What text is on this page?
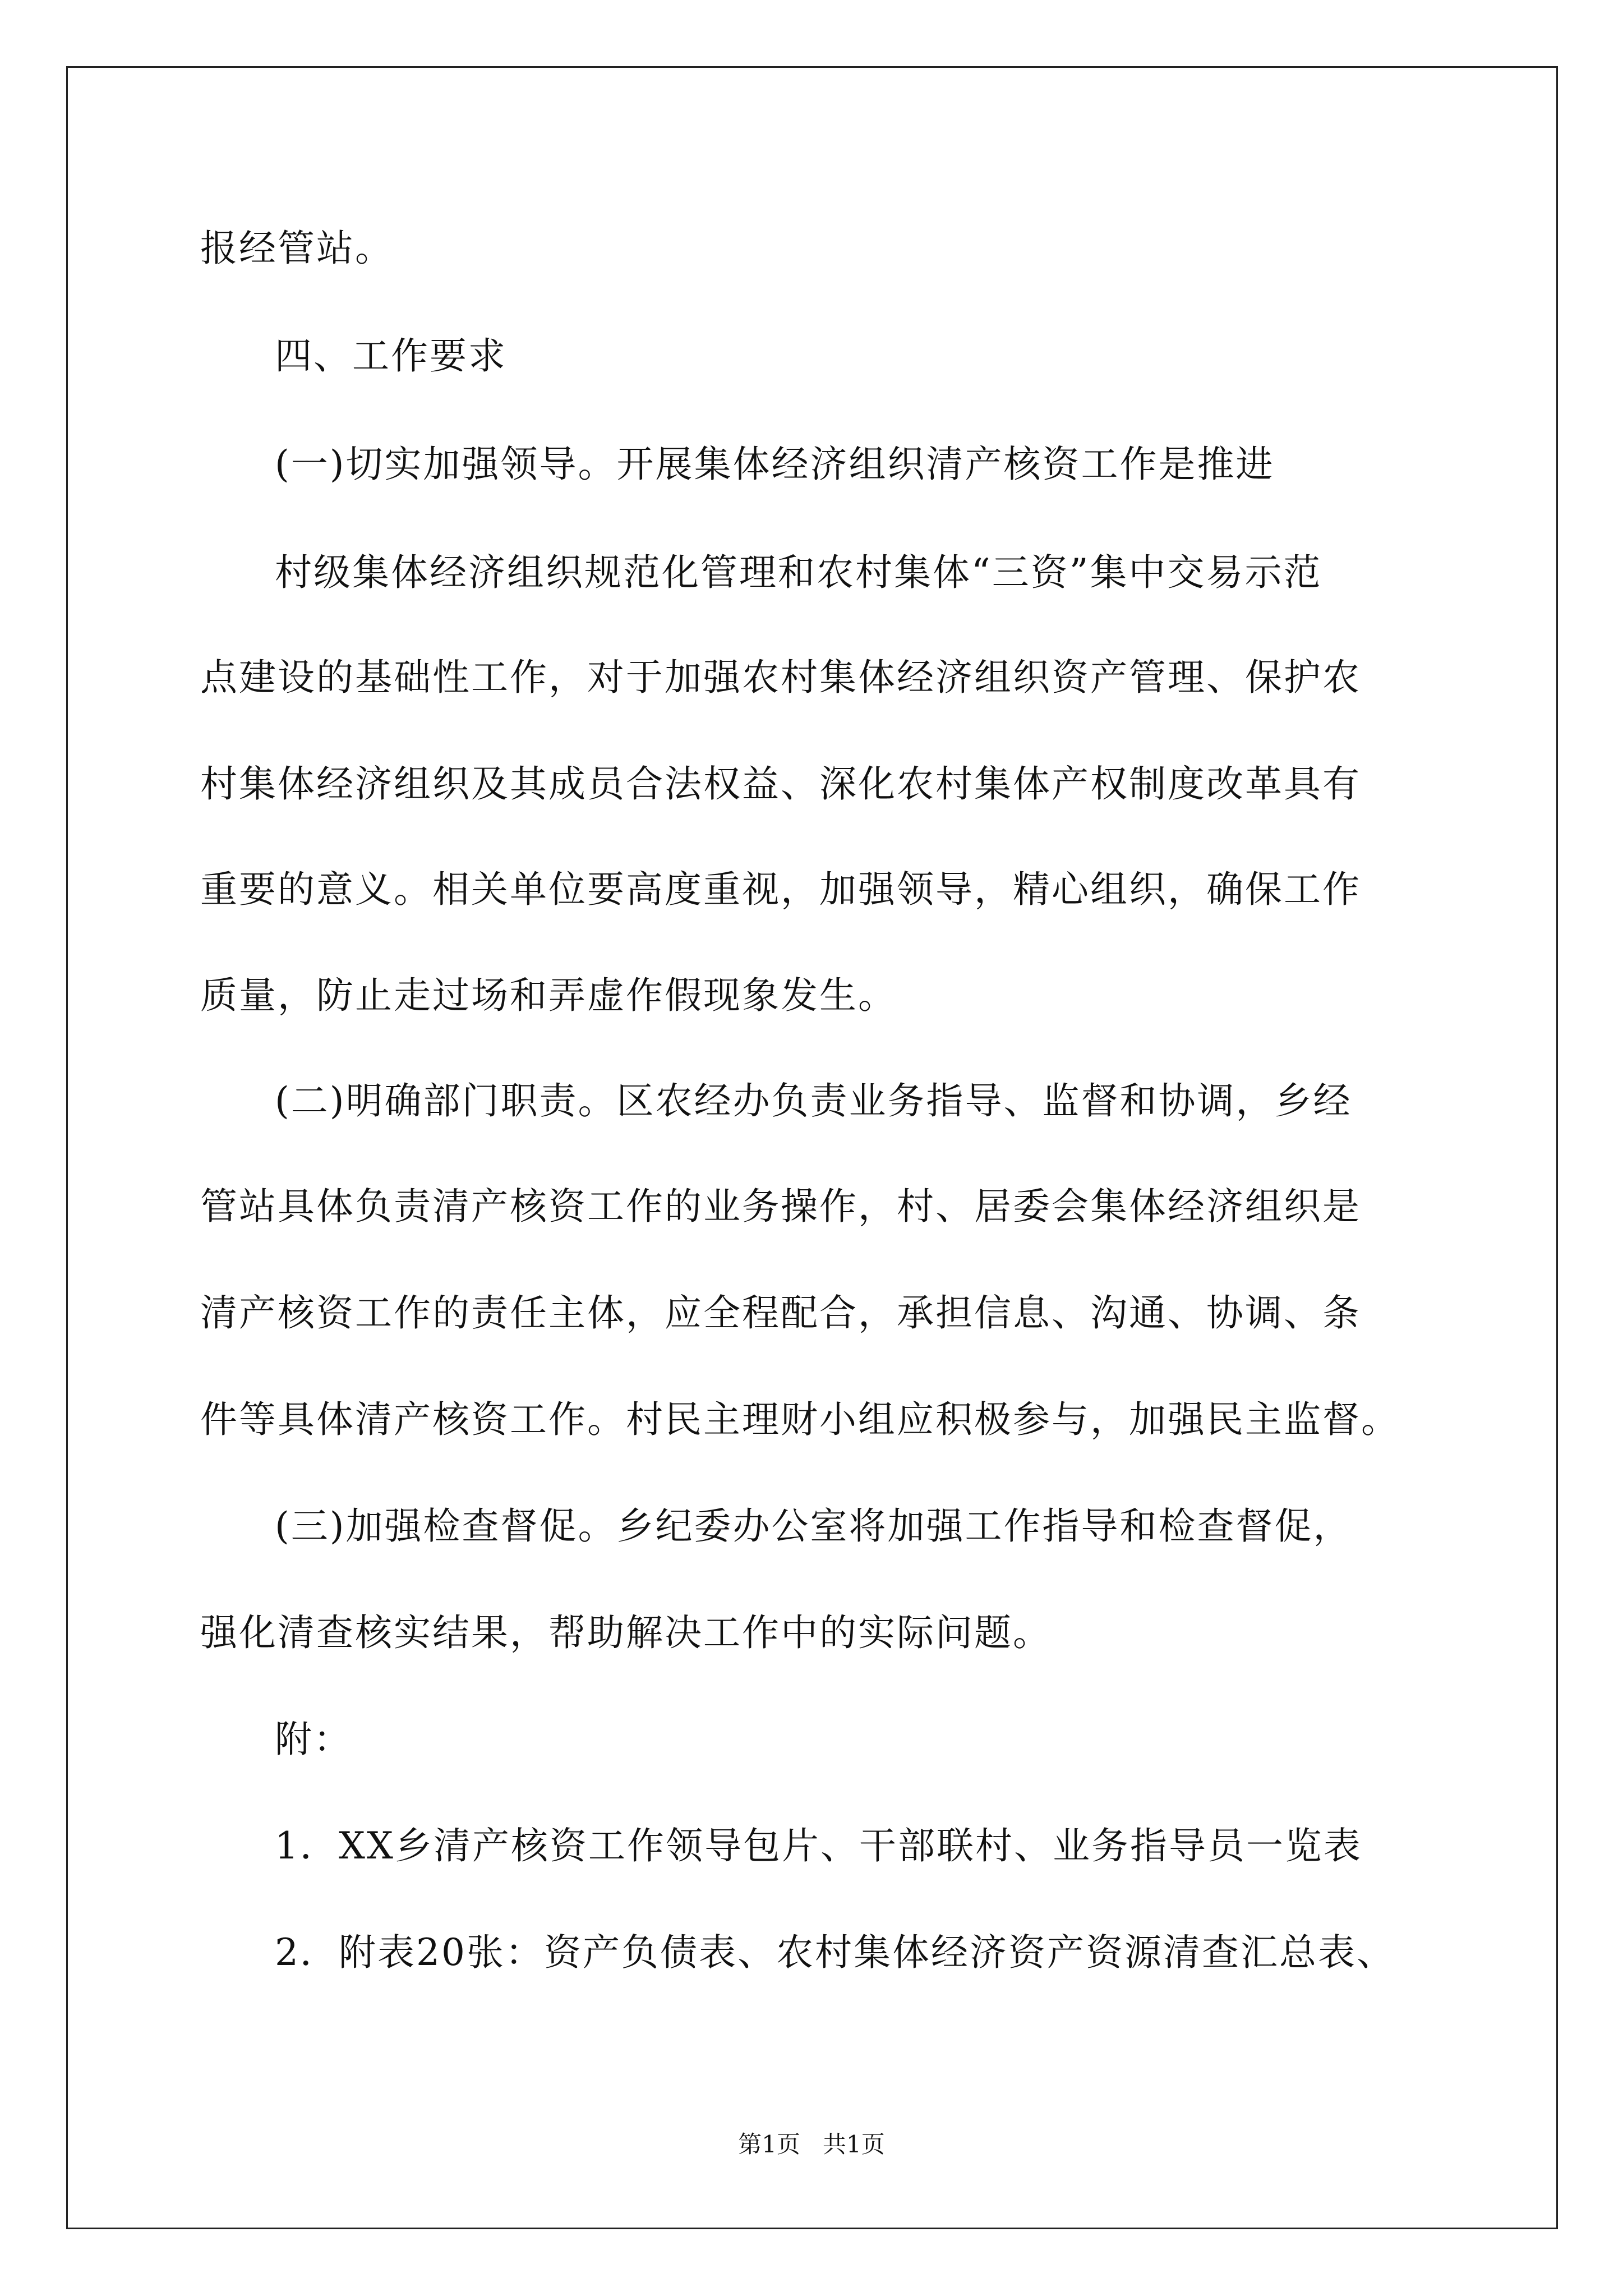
报经管站。
四、工作要求
(一)切实加强领导。开展集体经济组织清产核资工作是推进
村级集体经济组织规范化管理和农村集体“三资”集中交易示范
点建设的基础性工作，对于加强农村集体经济组织资产管理、保护农
村集体经济组织及其成员合法权益、深化农村集体产权制度改革具有
重要的意义。相关单位要高度重视，加强领导，精心组织，确保工作
质量，防止走过场和弄虚作假现象发生。
(二)明确部门职责。区农经办负责业务指导、监督和协调，乡经
管站具体负责清产核资工作的业务操作，村、居委会集体经济组织是
清产核资工作的责任主体，应全程配合，承担信息、沟通、协调、条
件等具体清产核资工作。村民主理财小组应积极参与，加强民主监督。
(三)加强检查督促。乡纪委办公室将加强工作指导和检查督促，
强化清查核实结果，帮助解决工作中的实际问题。
附：
1．XX乡清产核资工作领导包片、干部联村、业务指导员一览表
2．附表20张：资产负债表、农村集体经济资产资源清查汇总表、
第1页   共1页
